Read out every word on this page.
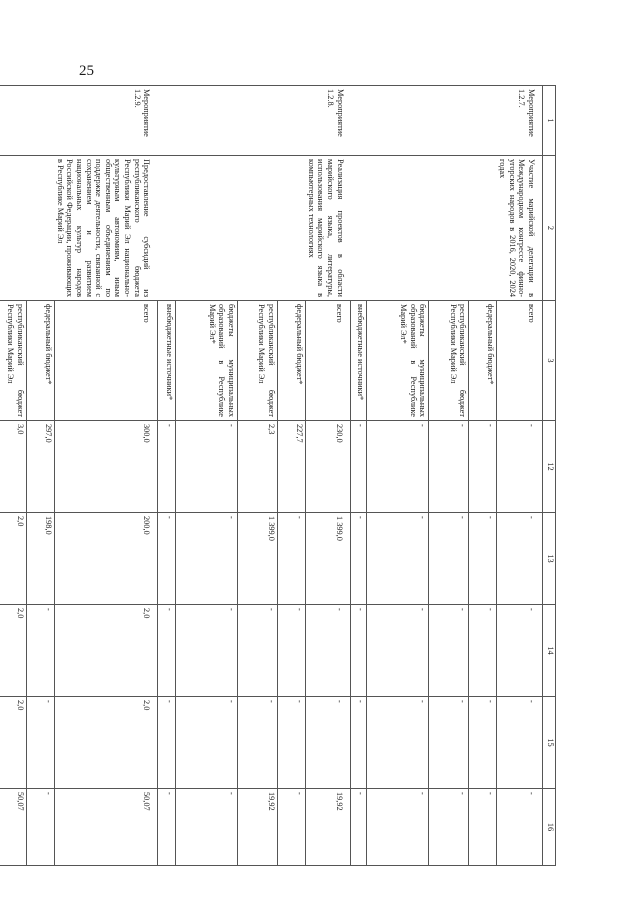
25
1	2	3	12	13	14	15	16
Мероприятие 1.2.7.	Участие марийской делегации в Международном конгрессе финно-угорских народов в 2016, 2020, 2024 годах	всего	-	-	-	-	-
		федеральный бюджет*	-	-	-	-	-
		республиканский бюджет Республики Марий Эл	-	-	-	-	-
		бюджеты муниципальных образований в Республике Марий Эл*	-	-	-	-	-
		внебюджетные источники*	-	-	-	-	-
Мероприятие 1.2.8.	Реализация проектов в области марийского языка, литературы, использования марийского языка в компьютерных технологиях	всего	230,0	1 399,0	-	-	19,92
		федеральный бюджет*	227,7	-	-	-	-
		республиканский бюджет Республики Марий Эл	2,3	1 399,0	-	-	19,92
		бюджеты муниципальных образований в Республике Марий Эл*	-	-	-	-	-
		внебюджетные источники*	-	-	-	-	-
Мероприятие 1.2.9.	Предоставление субсидий из республиканского бюджета Республики Марий Эл национально-культурным автономиям, иным общественным объединениям по поддержке деятельности, связанной с сохранением и развитием национальных культур народов Российской Федерации, проживающих в Республике Марий Эл	всего	300,0	200,0	2,0	2,0	50,07
		федеральный бюджет*	297,0	198,0	-	-	-
		республиканский бюджет Республики Марий Эл	3,0	2,0	2,0	2,0	50,07
